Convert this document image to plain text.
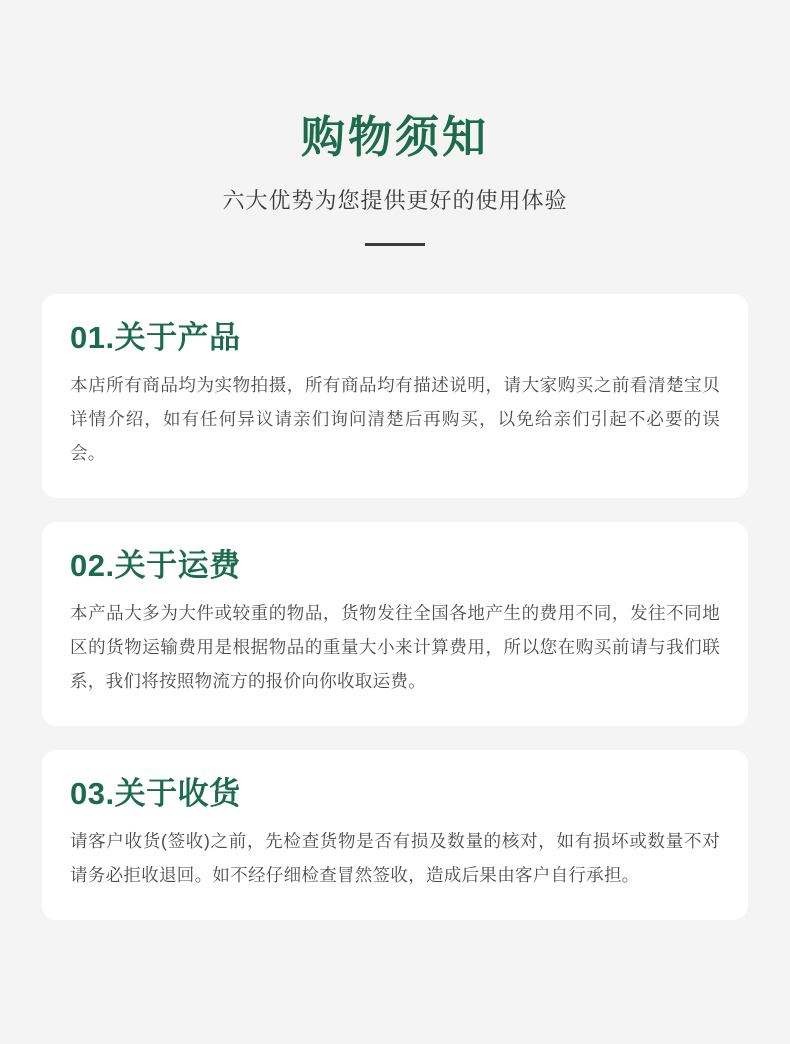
购物须知
六大优势为您提供更好的使用体验
01.关于产品

本店所有商品均为实物拍摄，所有商品均有描述说明，请大家购买之前看清楚宝贝详情介绍，如有任何异议请亲们询问清楚后再购买，以免给亲们引起不必要的误会。

02.关于运费

本产品大多为大件或较重的物品，货物发往全国各地产生的费用不同，发往不同地区的货物运输费用是根据物品的重量大小来计算费用，所以您在购买前请与我们联系，我们将按照物流方的报价向你收取运费。

03.关于收货

请客户收货(签收)之前，先检查货物是否有损及数量的核对，如有损坏或数量不对请务必拒收退回。如不经仔细检查冒然签收，造成后果由客户自行承担。
